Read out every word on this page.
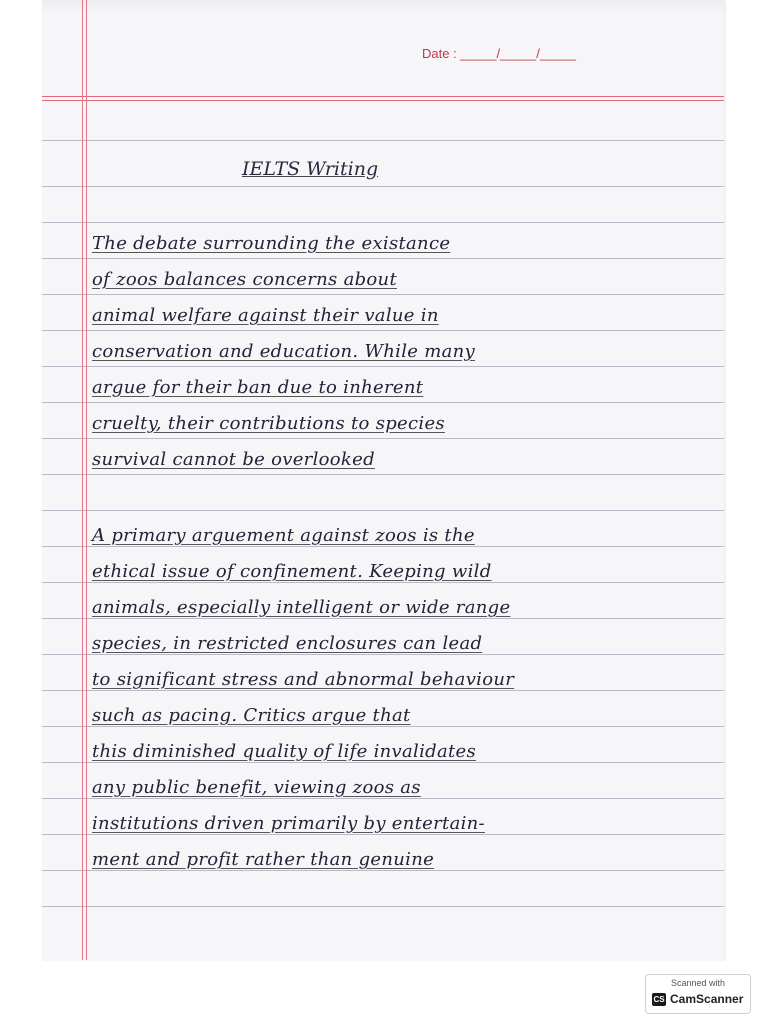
Date : _____/_____/_____
IELTS Writing
The debate surrounding the existance
of zoos balances concerns about
animal welfare against their value in
conservation and education. While many
argue for their ban due to inherent
cruelty, their contributions to species
survival cannot be overlooked
A primary arguement against zoos is the
ethical issue of confinement. Keeping wild
animals, especially intelligent or wide range
species, in restricted enclosures can lead
to significant stress and abnormal behaviour
such as pacing. Critics argue that
this diminished quality of life invalidates
any public benefit, viewing zoos as
institutions driven primarily by entertain-
ment and profit rather than genuine
Scanned with
CS CamScanner
